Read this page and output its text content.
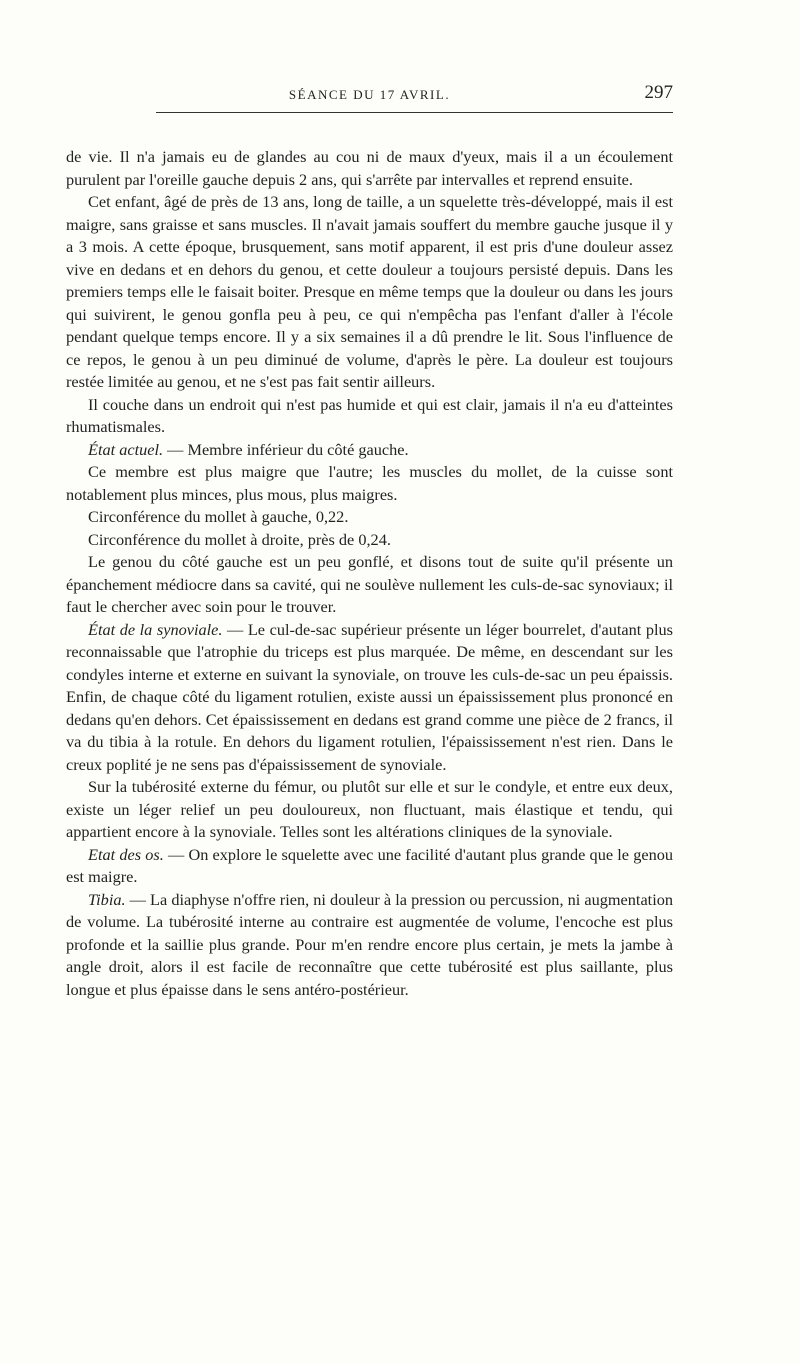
SÉANCE DU 17 AVRIL.	297

de vie. Il n'a jamais eu de glandes au cou ni de maux d'yeux, mais il a un écoulement purulent par l'oreille gauche depuis 2 ans, qui s'arrête par intervalles et reprend ensuite.

Cet enfant, âgé de près de 13 ans, long de taille, a un squelette très-développé, mais il est maigre, sans graisse et sans muscles. Il n'avait jamais souffert du membre gauche jusque il y a 3 mois. A cette époque, brusquement, sans motif apparent, il est pris d'une douleur assez vive en dedans et en dehors du genou, et cette douleur a toujours persisté depuis. Dans les premiers temps elle le faisait boiter. Presque en même temps que la douleur ou dans les jours qui suivirent, le genou gonfla peu à peu, ce qui n'empêcha pas l'enfant d'aller à l'école pendant quelque temps encore. Il y a six semaines il a dû prendre le lit. Sous l'influence de ce repos, le genou à un peu diminué de volume, d'après le père. La douleur est toujours restée limitée au genou, et ne s'est pas fait sentir ailleurs.

Il couche dans un endroit qui n'est pas humide et qui est clair, jamais il n'a eu d'atteintes rhumatismales.

État actuel. — Membre inférieur du côté gauche.

Ce membre est plus maigre que l'autre; les muscles du mollet, de la cuisse sont notablement plus minces, plus mous, plus maigres.

Circonférence du mollet à gauche, 0,22.

Circonférence du mollet à droite, près de 0,24.

Le genou du côté gauche est un peu gonflé, et disons tout de suite qu'il présente un épanchement médiocre dans sa cavité, qui ne soulève nullement les culs-de-sac synoviaux; il faut le chercher avec soin pour le trouver.

État de la synoviale. — Le cul-de-sac supérieur présente un léger bourrelet, d'autant plus reconnaissable que l'atrophie du triceps est plus marquée. De même, en descendant sur les condyles interne et externe en suivant la synoviale, on trouve les culs-de-sac un peu épaissis. Enfin, de chaque côté du ligament rotulien, existe aussi un épaississement plus prononcé en dedans qu'en dehors. Cet épaississement en dedans est grand comme une pièce de 2 francs, il va du tibia à la rotule. En dehors du ligament rotulien, l'épaississement n'est rien. Dans le creux poplité je ne sens pas d'épaississement de synoviale.

Sur la tubérosité externe du fémur, ou plutôt sur elle et sur le condyle, et entre eux deux, existe un léger relief un peu douloureux, non fluctuant, mais élastique et tendu, qui appartient encore à la synoviale. Telles sont les altérations cliniques de la synoviale.

Etat des os. — On explore le squelette avec une facilité d'autant plus grande que le genou est maigre.

Tibia. — La diaphyse n'offre rien, ni douleur à la pression ou percussion, ni augmentation de volume. La tubérosité interne au contraire est augmentée de volume, l'encoche est plus profonde et la saillie plus grande. Pour m'en rendre encore plus certain, je mets la jambe à angle droit, alors il est facile de reconnaître que cette tubérosité est plus saillante, plus longue et plus épaisse dans le sens antéro-postérieur.
